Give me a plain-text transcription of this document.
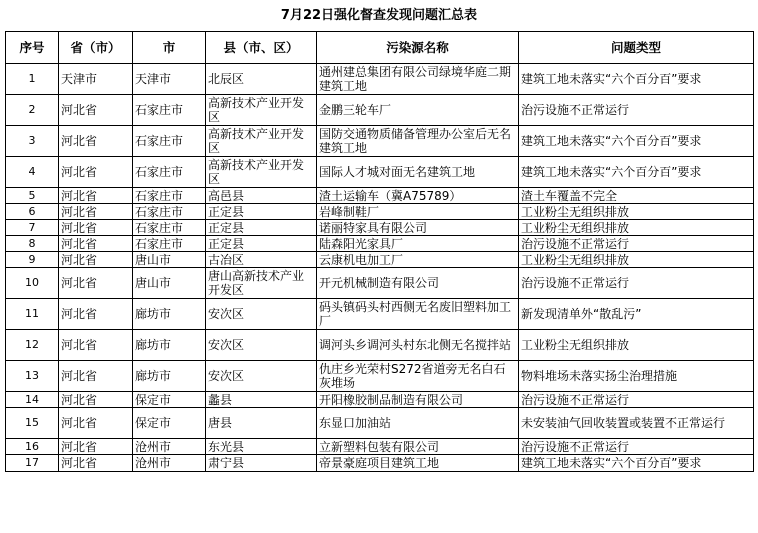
7月22日强化督查发现问题汇总表
序号	省（市）	市	县（市、区）	污染源名称	问题类型
1	天津市	天津市	北辰区	通州建总集团有限公司绿境华庭二期建筑工地	建筑工地未落实“六个百分百”要求
2	河北省	石家庄市	高新技术产业开发区	金鹏三轮车厂	治污设施不正常运行
3	河北省	石家庄市	高新技术产业开发区	国防交通物质储备管理办公室后无名建筑工地	建筑工地未落实“六个百分百”要求
4	河北省	石家庄市	高新技术产业开发区	国际人才城对面无名建筑工地	建筑工地未落实“六个百分百”要求
5	河北省	石家庄市	高邑县	渣土运输车（冀A75789）	渣土车覆盖不完全
6	河北省	石家庄市	正定县	岩峰制鞋厂	工业粉尘无组织排放
7	河北省	石家庄市	正定县	诺丽特家具有限公司	工业粉尘无组织排放
8	河北省	石家庄市	正定县	陆森阳光家具厂	治污设施不正常运行
9	河北省	唐山市	古冶区	云康机电加工厂	工业粉尘无组织排放
10	河北省	唐山市	唐山高新技术产业开发区	开元机械制造有限公司	治污设施不正常运行
11	河北省	廊坊市	安次区	码头镇码头村西侧无名废旧塑料加工厂	新发现清单外“散乱污”
12	河北省	廊坊市	安次区	调河头乡调河头村东北侧无名搅拌站	工业粉尘无组织排放
13	河北省	廊坊市	安次区	仇庄乡光荣村S272省道旁无名白石灰堆场	物料堆场未落实扬尘治理措施
14	河北省	保定市	蠡县	开阳橡胶制品制造有限公司	治污设施不正常运行
15	河北省	保定市	唐县	东显口加油站	未安装油气回收装置或装置不正常运行
16	河北省	沧州市	东光县	立新塑料包装有限公司	治污设施不正常运行
17	河北省	沧州市	肃宁县	帝景豪庭项目建筑工地	建筑工地未落实“六个百分百”要求
